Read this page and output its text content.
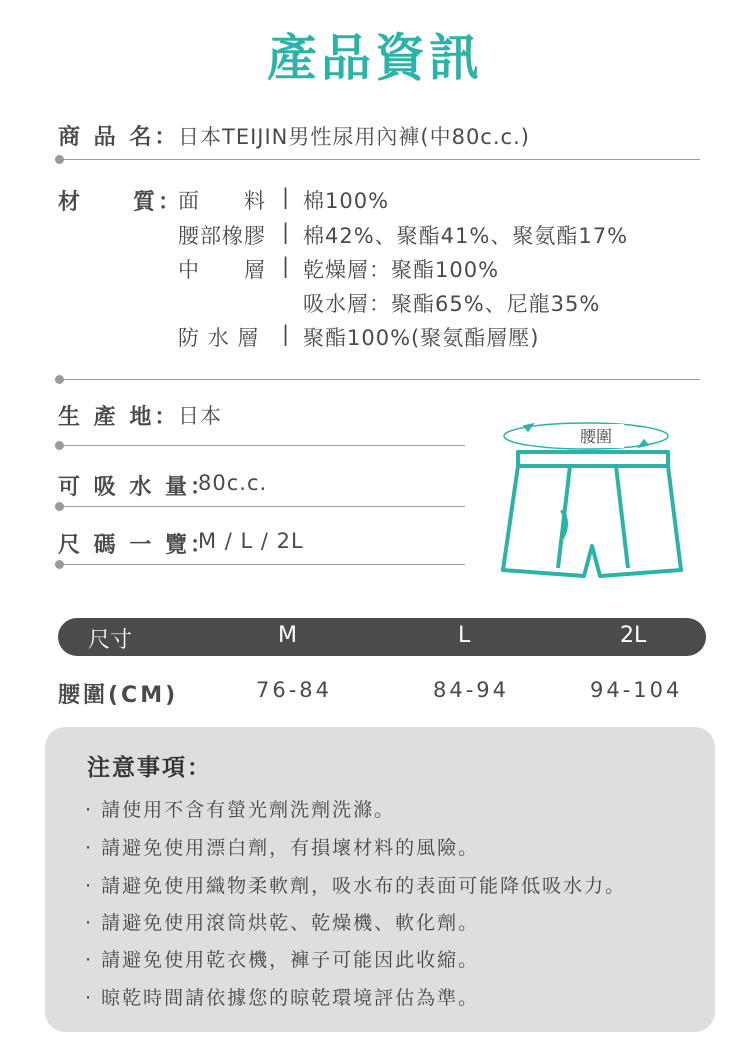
產品資訊
商 品 名：
日本TEIJIN男性尿用內褲(中80c.c.)
材　　質：
面　　料 | 棉100%
腰部橡膠 | 棉42%、聚酯41%、聚氨酯17%
中　　層 | 乾燥層：聚酯100%
吸水層：聚酯65%、尼龍35%
防 水 層 | 聚酯100%(聚氨酯層壓)
生 產 地：
日本
可 吸 水 量：
80c.c.
尺 碼 一 覽：
M / L / 2L
腰圍
尺寸	M	L	2L
腰圍(CM)	76-84	84-94	94-104
注意事項：
· 請使用不含有螢光劑洗劑洗滌。
· 請避免使用漂白劑，有損壞材料的風險。
· 請避免使用織物柔軟劑，吸水布的表面可能降低吸水力。
· 請避免使用滾筒烘乾、乾燥機、軟化劑。
· 請避免使用乾衣機，褲子可能因此收縮。
· 晾乾時間請依據您的晾乾環境評估為準。
